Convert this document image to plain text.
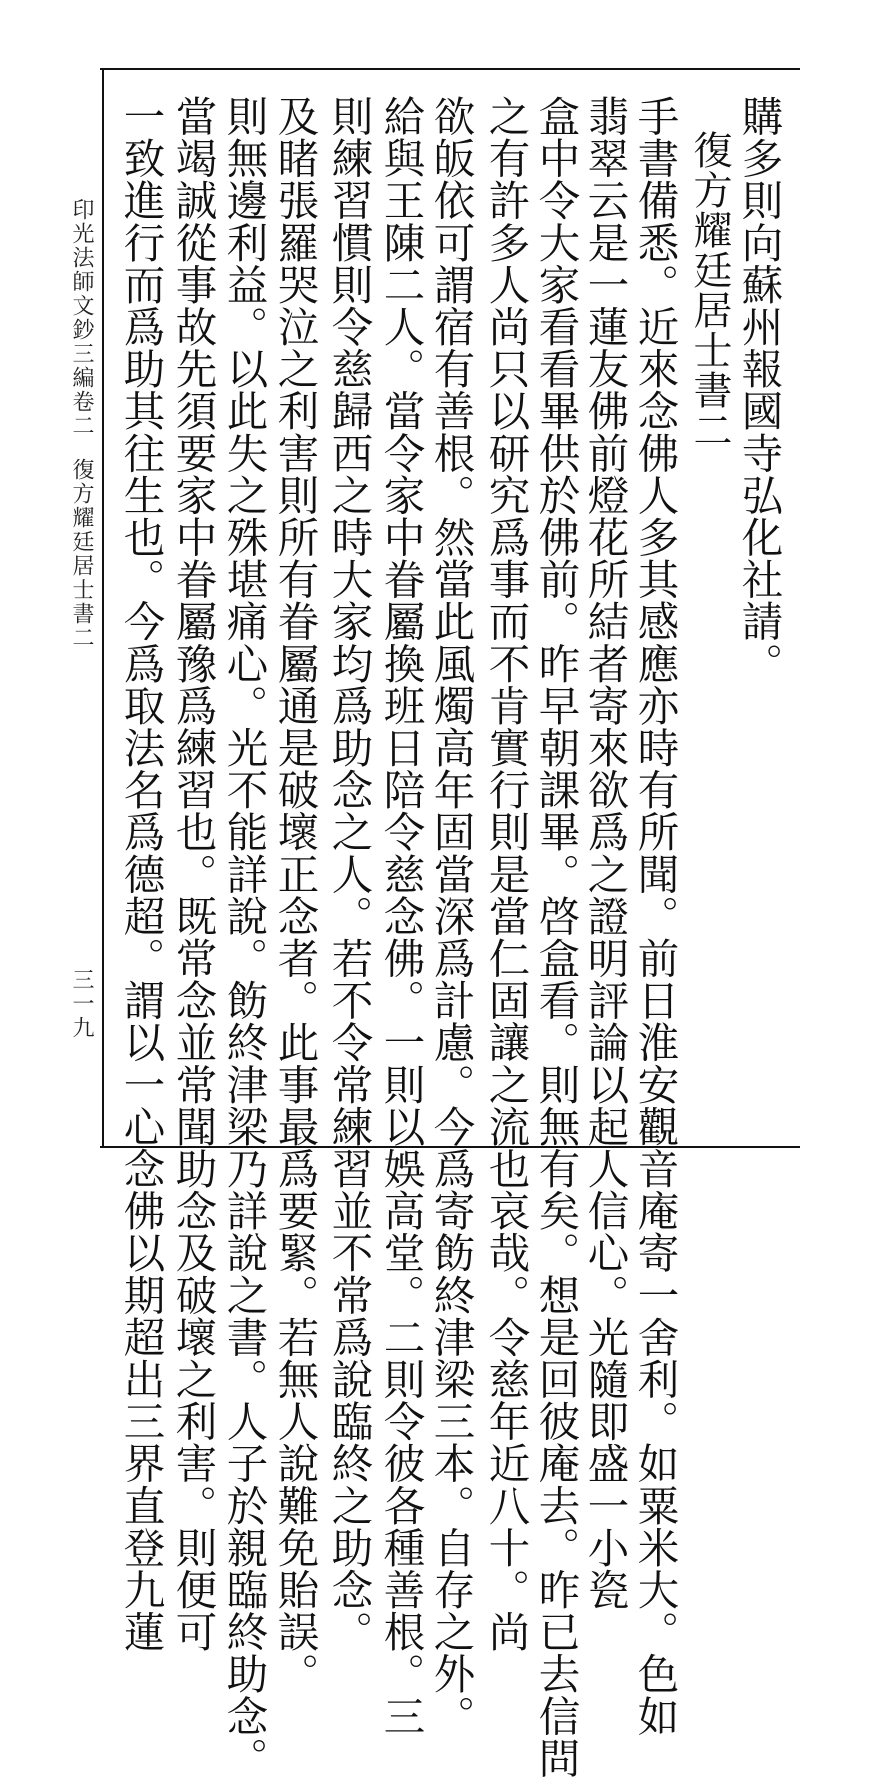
購多則向蘇州報國寺弘化社請。
復方耀廷居士書二
手書備悉。近來念佛人多其感應亦時有所聞。前日淮安觀音庵寄一舍利。如粟米大。色如
翡翠云是一蓮友佛前燈花所結者寄來欲爲之證明評論以起人信心。光隨即盛一小瓷
盒中令大家看看畢供於佛前。昨早朝課畢。啓盒看。則無有矣。想是回彼庵去。昨已去信問
之有許多人尚只以研究爲事而不肯實行則是當仁固讓之流也哀哉。令慈年近八十。尚
欲皈依可謂宿有善根。然當此風燭高年固當深爲計慮。今爲寄飭終津梁三本。自存之外。
給與王陳二人。當令家中眷屬換班日陪令慈念佛。一則以娛高堂。二則令彼各種善根。三
則練習慣則令慈歸西之時大家均爲助念之人。若不令常練習並不常爲說臨終之助念。
及睹張羅哭泣之利害則所有眷屬通是破壞正念者。此事最爲要緊。若無人說難免貽誤。
則無邊利益。以此失之殊堪痛心。光不能詳說。飭終津梁乃詳說之書。人子於親臨終助念。
當竭誠從事故先須要家中眷屬豫爲練習也。既常念並常聞助念及破壞之利害。則便可
一致進行而爲助其往生也。今爲取法名爲德超。謂以一心念佛以期超出三界直登九蓮
印光法師文鈔三編卷二
復方耀廷居士書二
三一九
